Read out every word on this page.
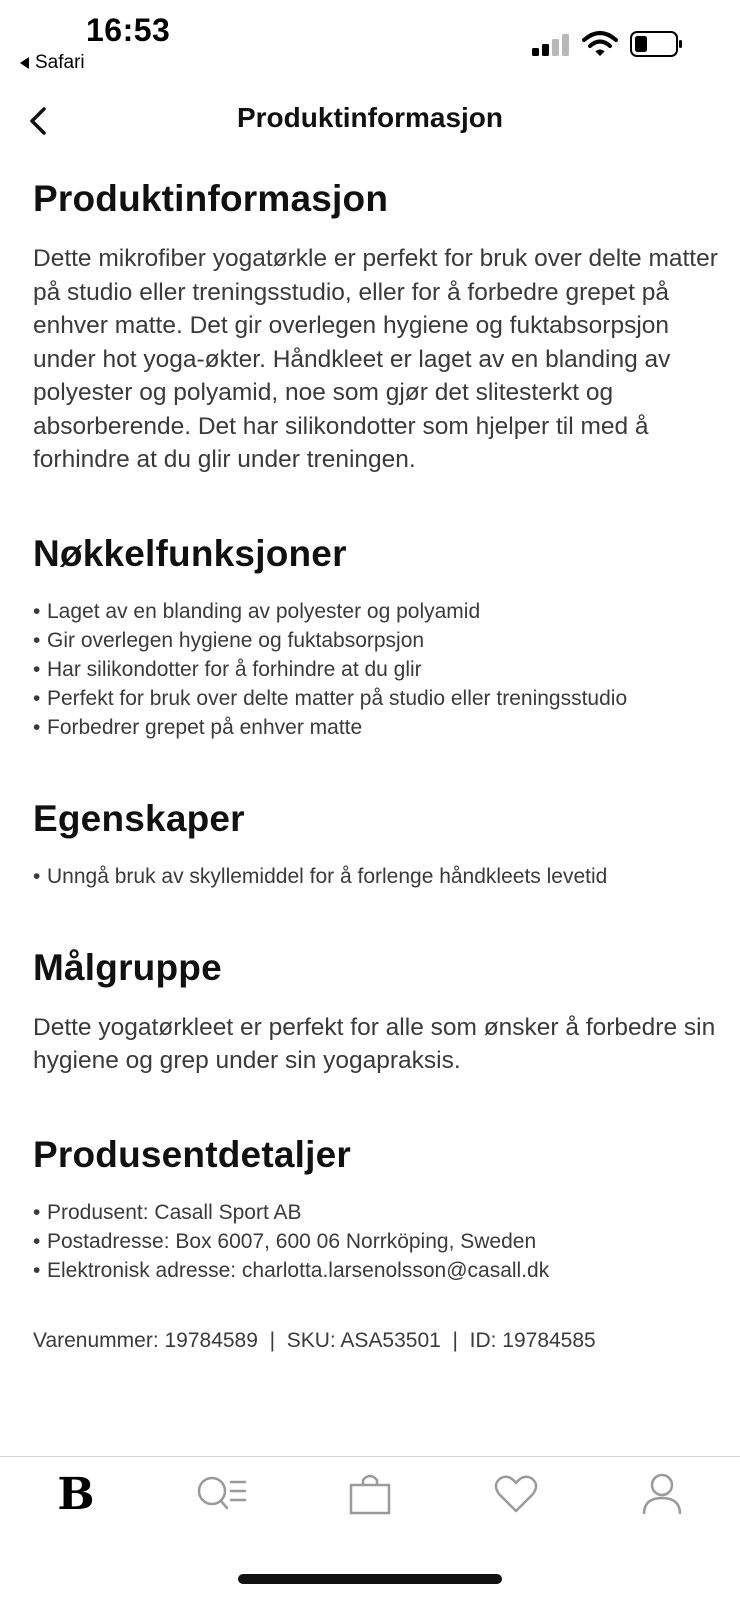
16:53
Safari
Produktinformasjon
Produktinformasjon

Dette mikrofiber yogatørkle er perfekt for bruk over delte matter på studio eller treningsstudio, eller for å forbedre grepet på enhver matte. Det gir overlegen hygiene og fuktabsorpsjon under hot yoga-økter. Håndkleet er laget av en blanding av polyester og polyamid, noe som gjør det slitesterkt og absorberende. Det har silikondotter som hjelper til med å forhindre at du glir under treningen.

Nøkkelfunksjoner
• Laget av en blanding av polyester og polyamid
• Gir overlegen hygiene og fuktabsorpsjon
• Har silikondotter for å forhindre at du glir
• Perfekt for bruk over delte matter på studio eller treningsstudio
• Forbedrer grepet på enhver matte
Egenskaper
• Unngå bruk av skyllemiddel for å forlenge håndkleets levetid
Målgruppe

Dette yogatørkleet er perfekt for alle som ønsker å forbedre sin hygiene og grep under sin yogapraksis.

Produsentdetaljer
• Produsent: Casall Sport AB
• Postadresse: Box 6007, 600 06 Norrköping, Sweden
• Elektronisk adresse: charlotta.larsenolsson@casall.dk
Varenummer: 19784589  |  SKU: ASA53501  |  ID: 19784585
B
